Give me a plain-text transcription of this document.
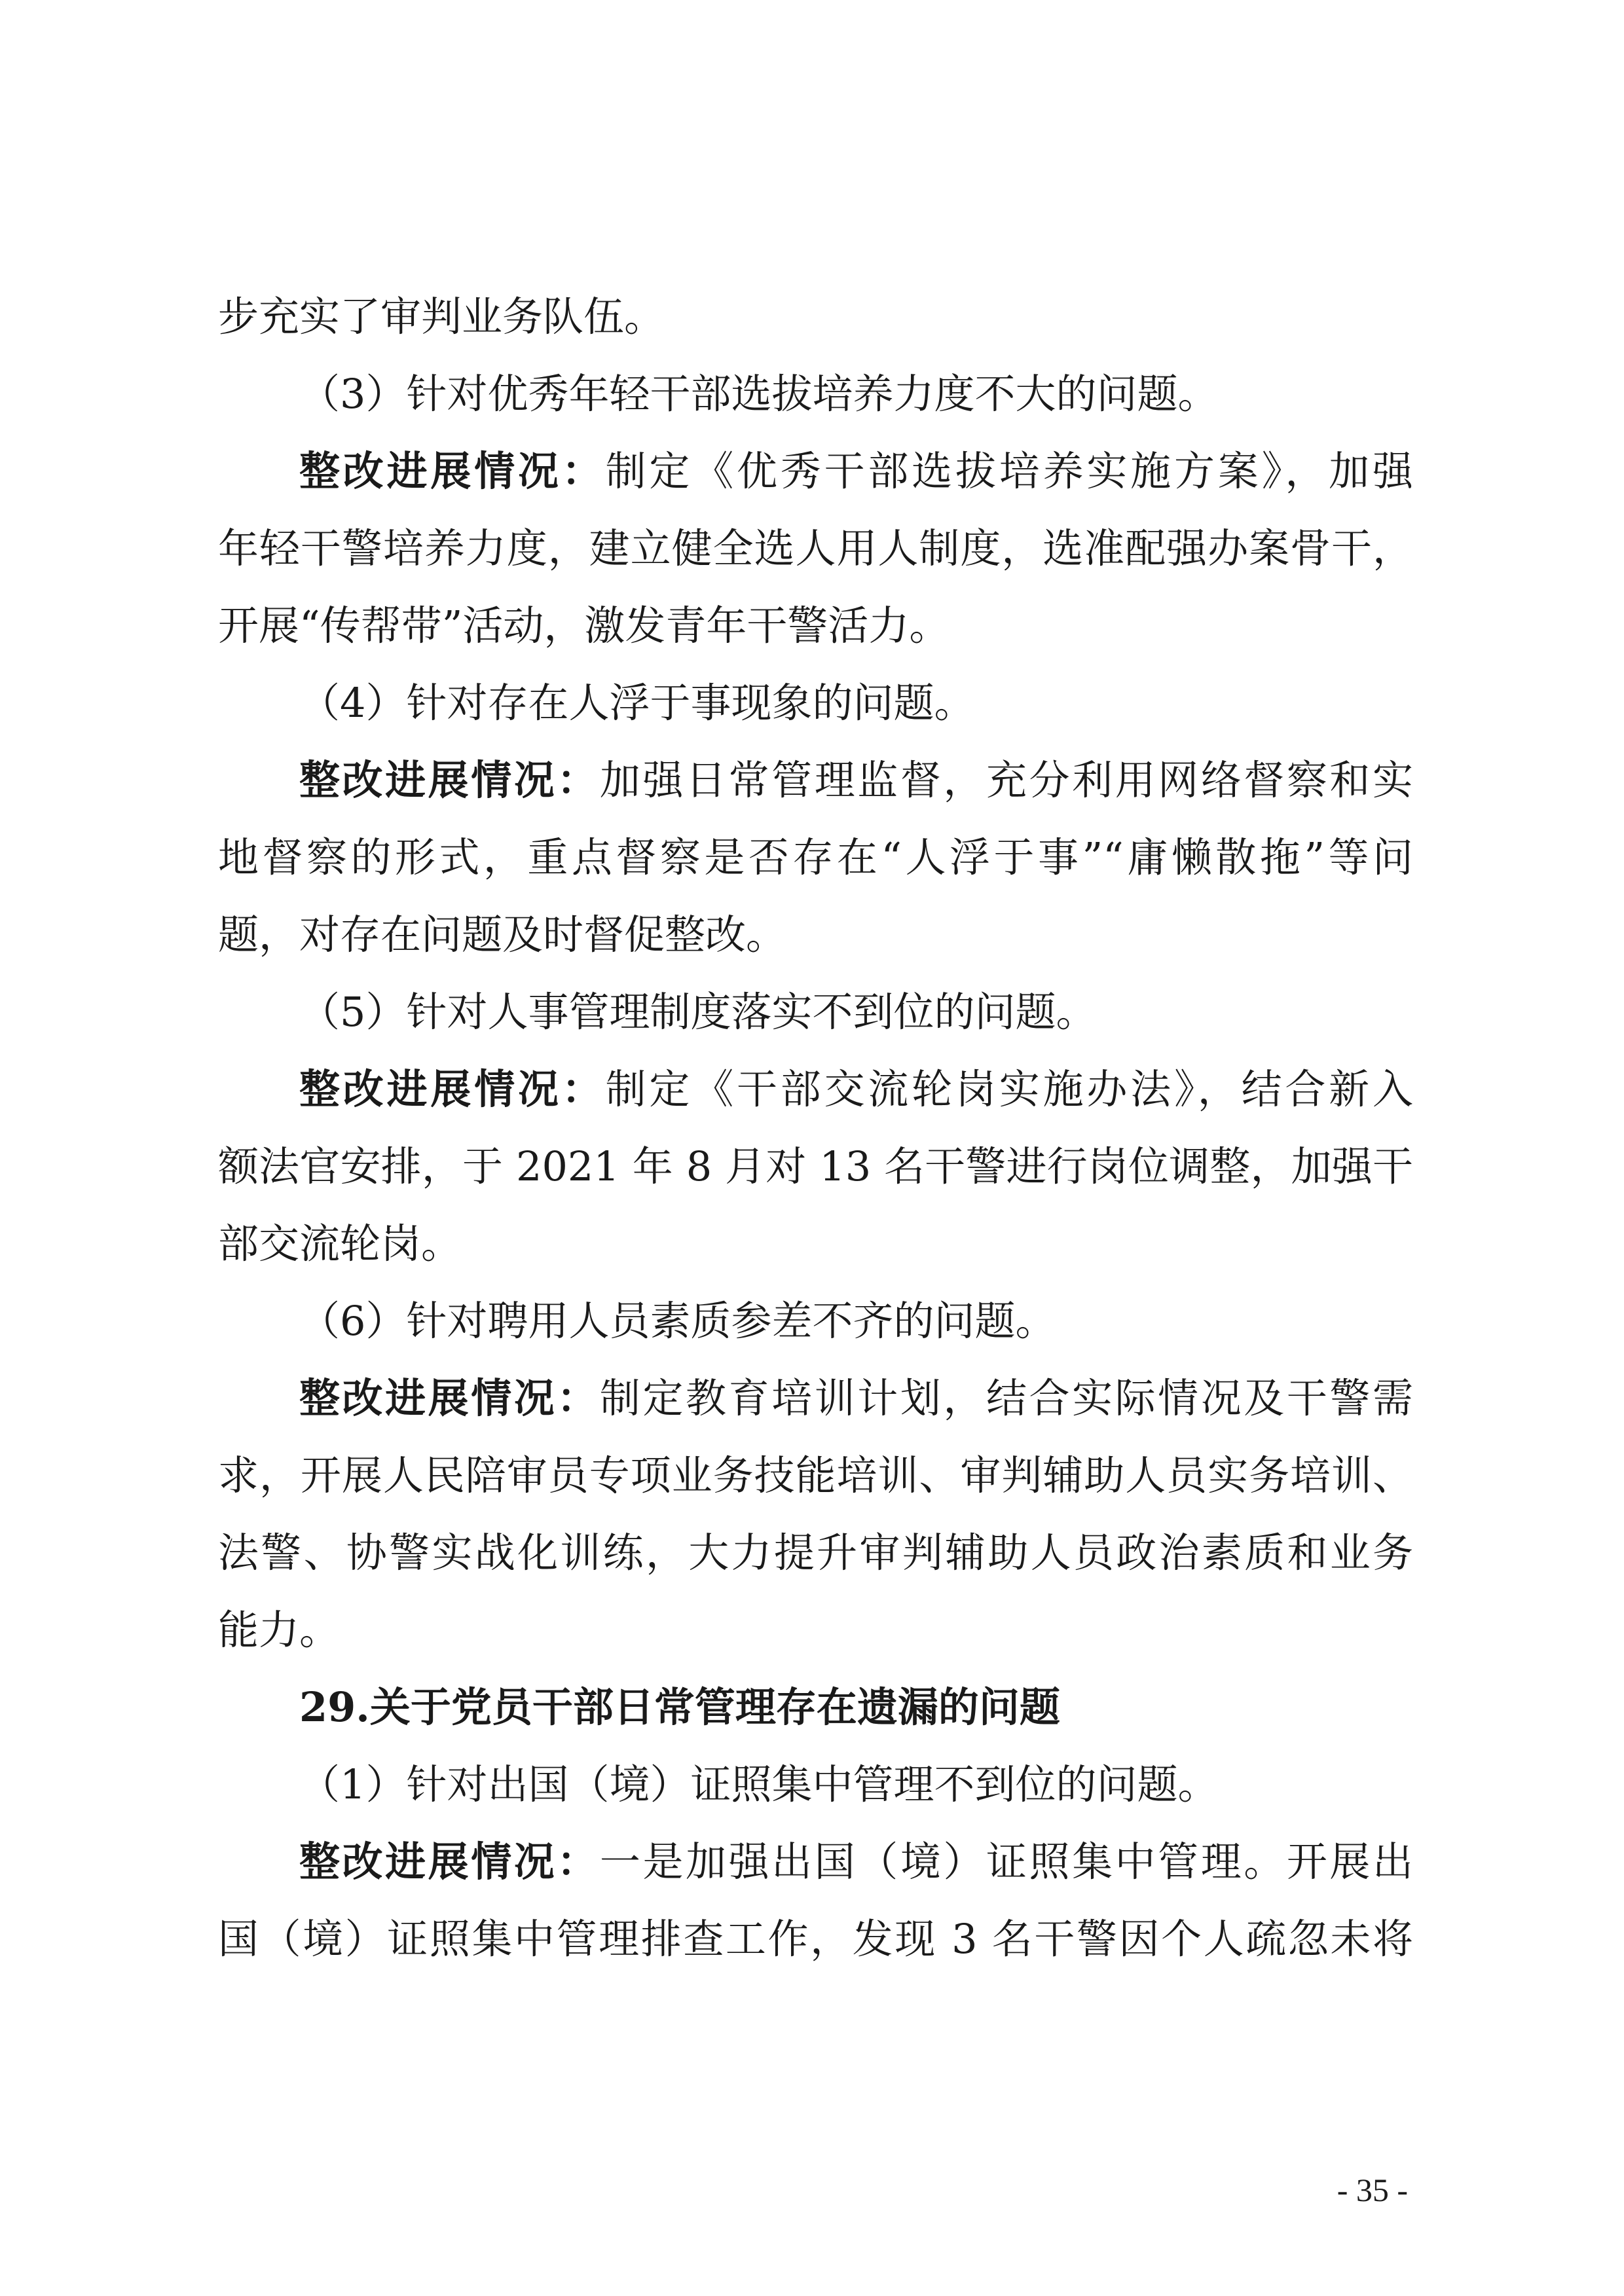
步充实了审判业务队伍。
（3）针对优秀年轻干部选拔培养力度不大的问题。
整改进展情况：制定《优秀干部选拔培养实施方案》，加强
年轻干警培养力度，建立健全选人用人制度，选准配强办案骨干，
开展“传帮带”活动，激发青年干警活力。
（4）针对存在人浮于事现象的问题。
整改进展情况：加强日常管理监督，充分利用网络督察和实
地督察的形式，重点督察是否存在“人浮于事”“庸懒散拖”等问
题，对存在问题及时督促整改。
（5）针对人事管理制度落实不到位的问题。
整改进展情况：制定《干部交流轮岗实施办法》，结合新入
额法官安排，于 2021 年 8 月对 13 名干警进行岗位调整，加强干
部交流轮岗。
（6）针对聘用人员素质参差不齐的问题。
整改进展情况：制定教育培训计划，结合实际情况及干警需
求，开展人民陪审员专项业务技能培训、审判辅助人员实务培训、
法警、协警实战化训练，大力提升审判辅助人员政治素质和业务
能力。
29.关于党员干部日常管理存在遗漏的问题
（1）针对出国（境）证照集中管理不到位的问题。
整改进展情况：一是加强出国（境）证照集中管理。开展出
国（境）证照集中管理排查工作，发现 3 名干警因个人疏忽未将
- 35 -
